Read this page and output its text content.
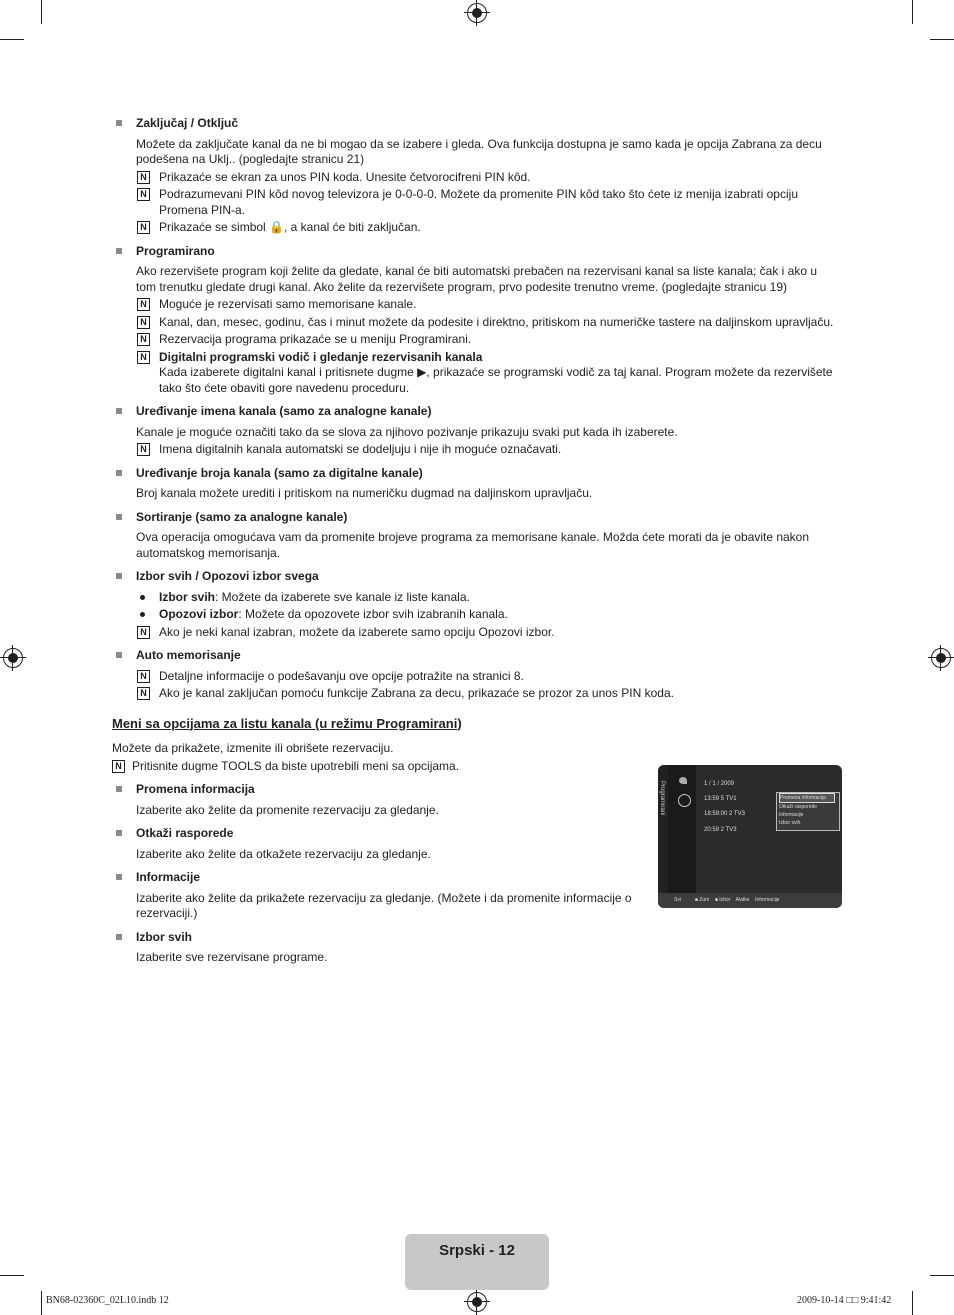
Zaključaj / Otključ
Možete da zaključate kanal da ne bi mogao da se izabere i gleda. Ova funkcija dostupna je samo kada je opcija Zabrana za decu podešena na Uklj.. (pogledajte stranicu 21)
N Prikazaće se ekran za unos PIN koda. Unesite četvorocifreni PIN kôd.
N Podrazumevani PIN kôd novog televizora je 0-0-0-0. Možete da promenite PIN kôd tako što ćete iz menija izabrati opciju Promena PIN-a.
N Prikazaće se simbol 🔒, a kanal će biti zaključan.
Programirano
Ako rezervišete program koji želite da gledate, kanal će biti automatski prebačen na rezervisani kanal sa liste kanala; čak i ako u tom trenutku gledate drugi kanal. Ako želite da rezervišete program, prvo podesite trenutno vreme. (pogledajte stranicu 19)
N Moguće je rezervisati samo memorisane kanale.
N Kanal, dan, mesec, godinu, čas i minut možete da podesite i direktno, pritiskom na numeričke tastere na daljinskom upravljaču.
N Rezervacija programa prikazaće se u meniju Programirani.
N Digitalni programski vodič i gledanje rezervisanih kanala
Kada izaberete digitalni kanal i pritisnete dugme ▶, prikazaće se programski vodič za taj kanal. Program možete da rezervišete tako što ćete obaviti gore navedenu proceduru.
Uređivanje imena kanala (samo za analogne kanale)
Kanale je moguće označiti tako da se slova za njihovo pozivanje prikazuju svaki put kada ih izaberete.
N Imena digitalnih kanala automatski se dodeljuju i nije ih moguće označavati.
Uređivanje broja kanala (samo za digitalne kanale)
Broj kanala možete urediti i pritiskom na numeričku dugmad na daljinskom upravljaču.
Sortiranje (samo za analogne kanale)
Ova operacija omogućava vam da promenite brojeve programa za memorisane kanale. Možda ćete morati da je obavite nakon automatskog memorisanja.
Izbor svih / Opozovi izbor svega
Izbor svih: Možete da izaberete sve kanale iz liste kanala.
Opozovi izbor: Možete da opozovete izbor svih izabranih kanala.
N Ako je neki kanal izabran, možete da izaberete samo opciju Opozovi izbor.
Auto memorisanje
N Detaljne informacije o podešavanju ove opcije potražite na stranici 8.
N Ako je kanal zaključan pomoću funkcije Zabrana za decu, prikazaće se prozor za unos PIN koda.
Meni sa opcijama za listu kanala (u režimu Programirani)
Možete da prikažete, izmenite ili obrišete rezervaciju.
N Pritisnite dugme TOOLS da biste upotrebili meni sa opcijama.
Promena informacija
Izaberite ako želite da promenite rezervaciju za gledanje.
Otkaži rasporede
Izaberite ako želite da otkažete rezervaciju za gledanje.
Informacije
Izaberite ako želite da prikažete rezervaciju za gledanje. (Možete i da promenite informacije o rezervaciji.)
Izbor svih
Izaberite sve rezervisane programe.
Programirani	1 / 1 / 2009
13:59 5 TV1
18:59:00 2 TV3
20:59 2 TV3
Promena informacija
Otkaži rasporede
Informacije
Izbor svih
Svi	■ Zum ■ Izbor Alatke Informacije
Srpski - 12
BN68-02360C_02L10.indb 12	2009-10-14 □□ 9:41:42
